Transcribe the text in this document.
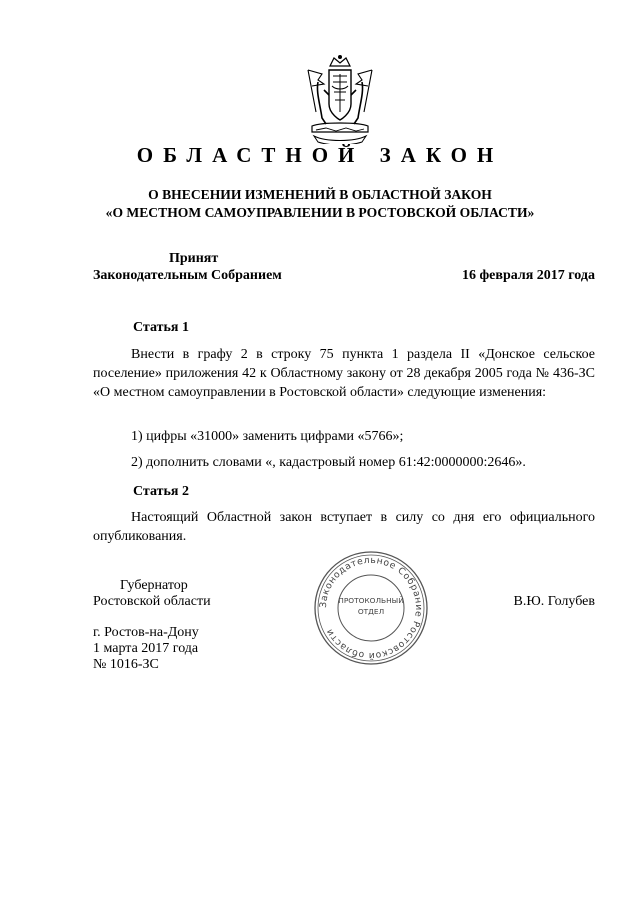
ОБЛАСТНОЙ ЗАКОН
О ВНЕСЕНИИ ИЗМЕНЕНИЙ В ОБЛАСТНОЙ ЗАКОН
«О МЕСТНОМ САМОУПРАВЛЕНИИ В РОСТОВСКОЙ ОБЛАСТИ»
Принят
Законодательным Собранием	16 февраля 2017 года
Статья 1

Внести в графу 2 в строку 75 пункта 1 раздела II «Донское сельское поселение» приложения 42 к Областному закону от 28 декабря 2005 года № 436-ЗС «О местном самоуправлении в Ростовской области» следующие изменения:

1) цифры «31000» заменить цифрами «5766»;
2) дополнить словами «, кадастровый номер 61:42:0000000:2646».
Статья 2

Настоящий Областной закон вступает в силу со дня его официального опубликования.

Губернатор
Ростовской области	В.Ю. Голубев
Законодательное Собрание Ростовской области
ПРОТОКОЛЬНЫЙ
ОТДЕЛ
г. Ростов-на-Дону
1 марта 2017 года
№ 1016-ЗС
